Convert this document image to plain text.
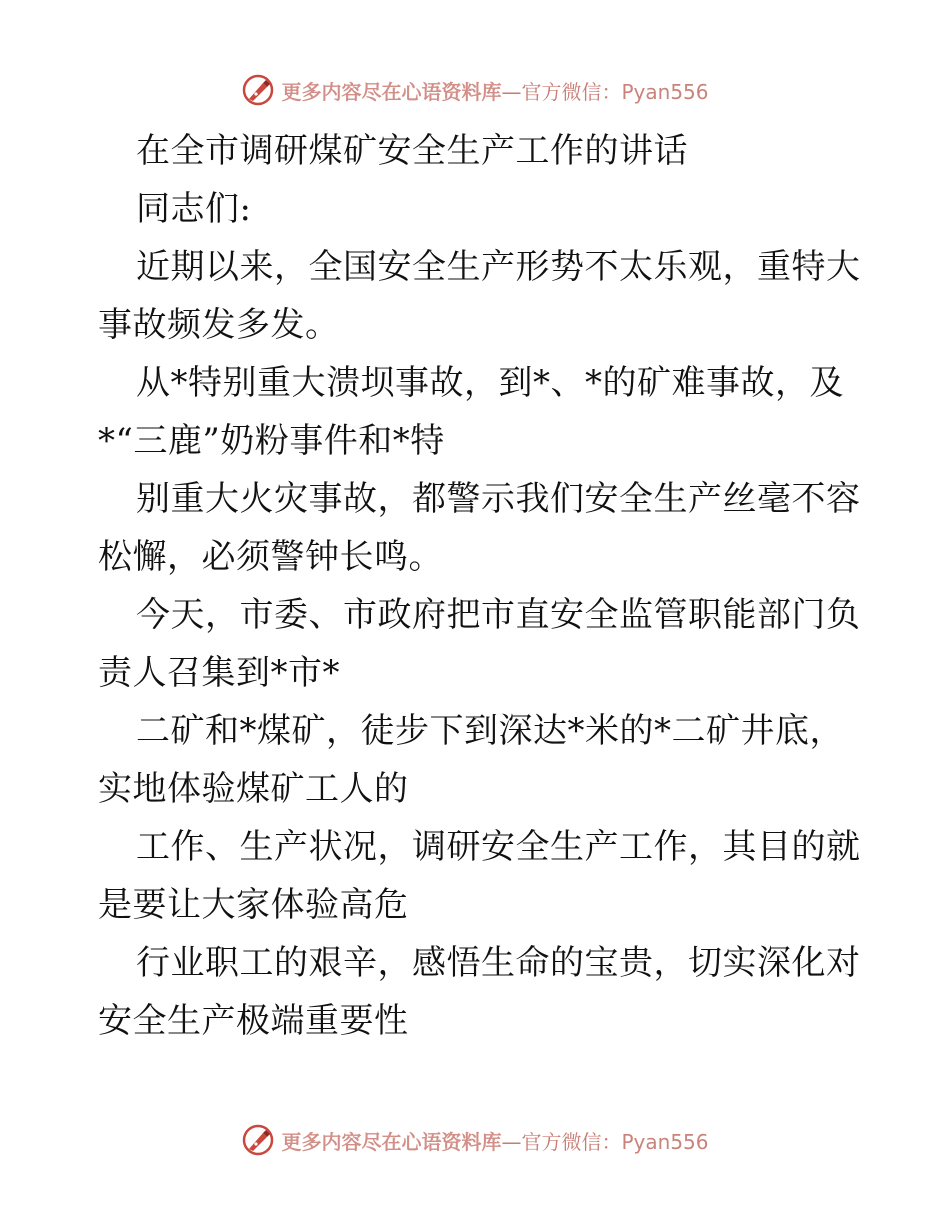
更多内容尽在心语资料库—官方微信：Pyan556
在全市调研煤矿安全生产工作的讲话
同志们:
近期以来，全国安全生产形势不太乐观，重特大
事故频发多发。
从*特别重大溃坝事故，到*、*的矿难事故，及
*“三鹿”奶粉事件和*特
别重大火灾事故，都警示我们安全生产丝毫不容
松懈，必须警钟长鸣。
今天，市委、市政府把市直安全监管职能部门负
责人召集到*市*
二矿和*煤矿，徒步下到深达*米的*二矿井底，
实地体验煤矿工人的
工作、生产状况，调研安全生产工作，其目的就
是要让大家体验高危
行业职工的艰辛，感悟生命的宝贵，切实深化对
安全生产极端重要性
更多内容尽在心语资料库—官方微信：Pyan556
